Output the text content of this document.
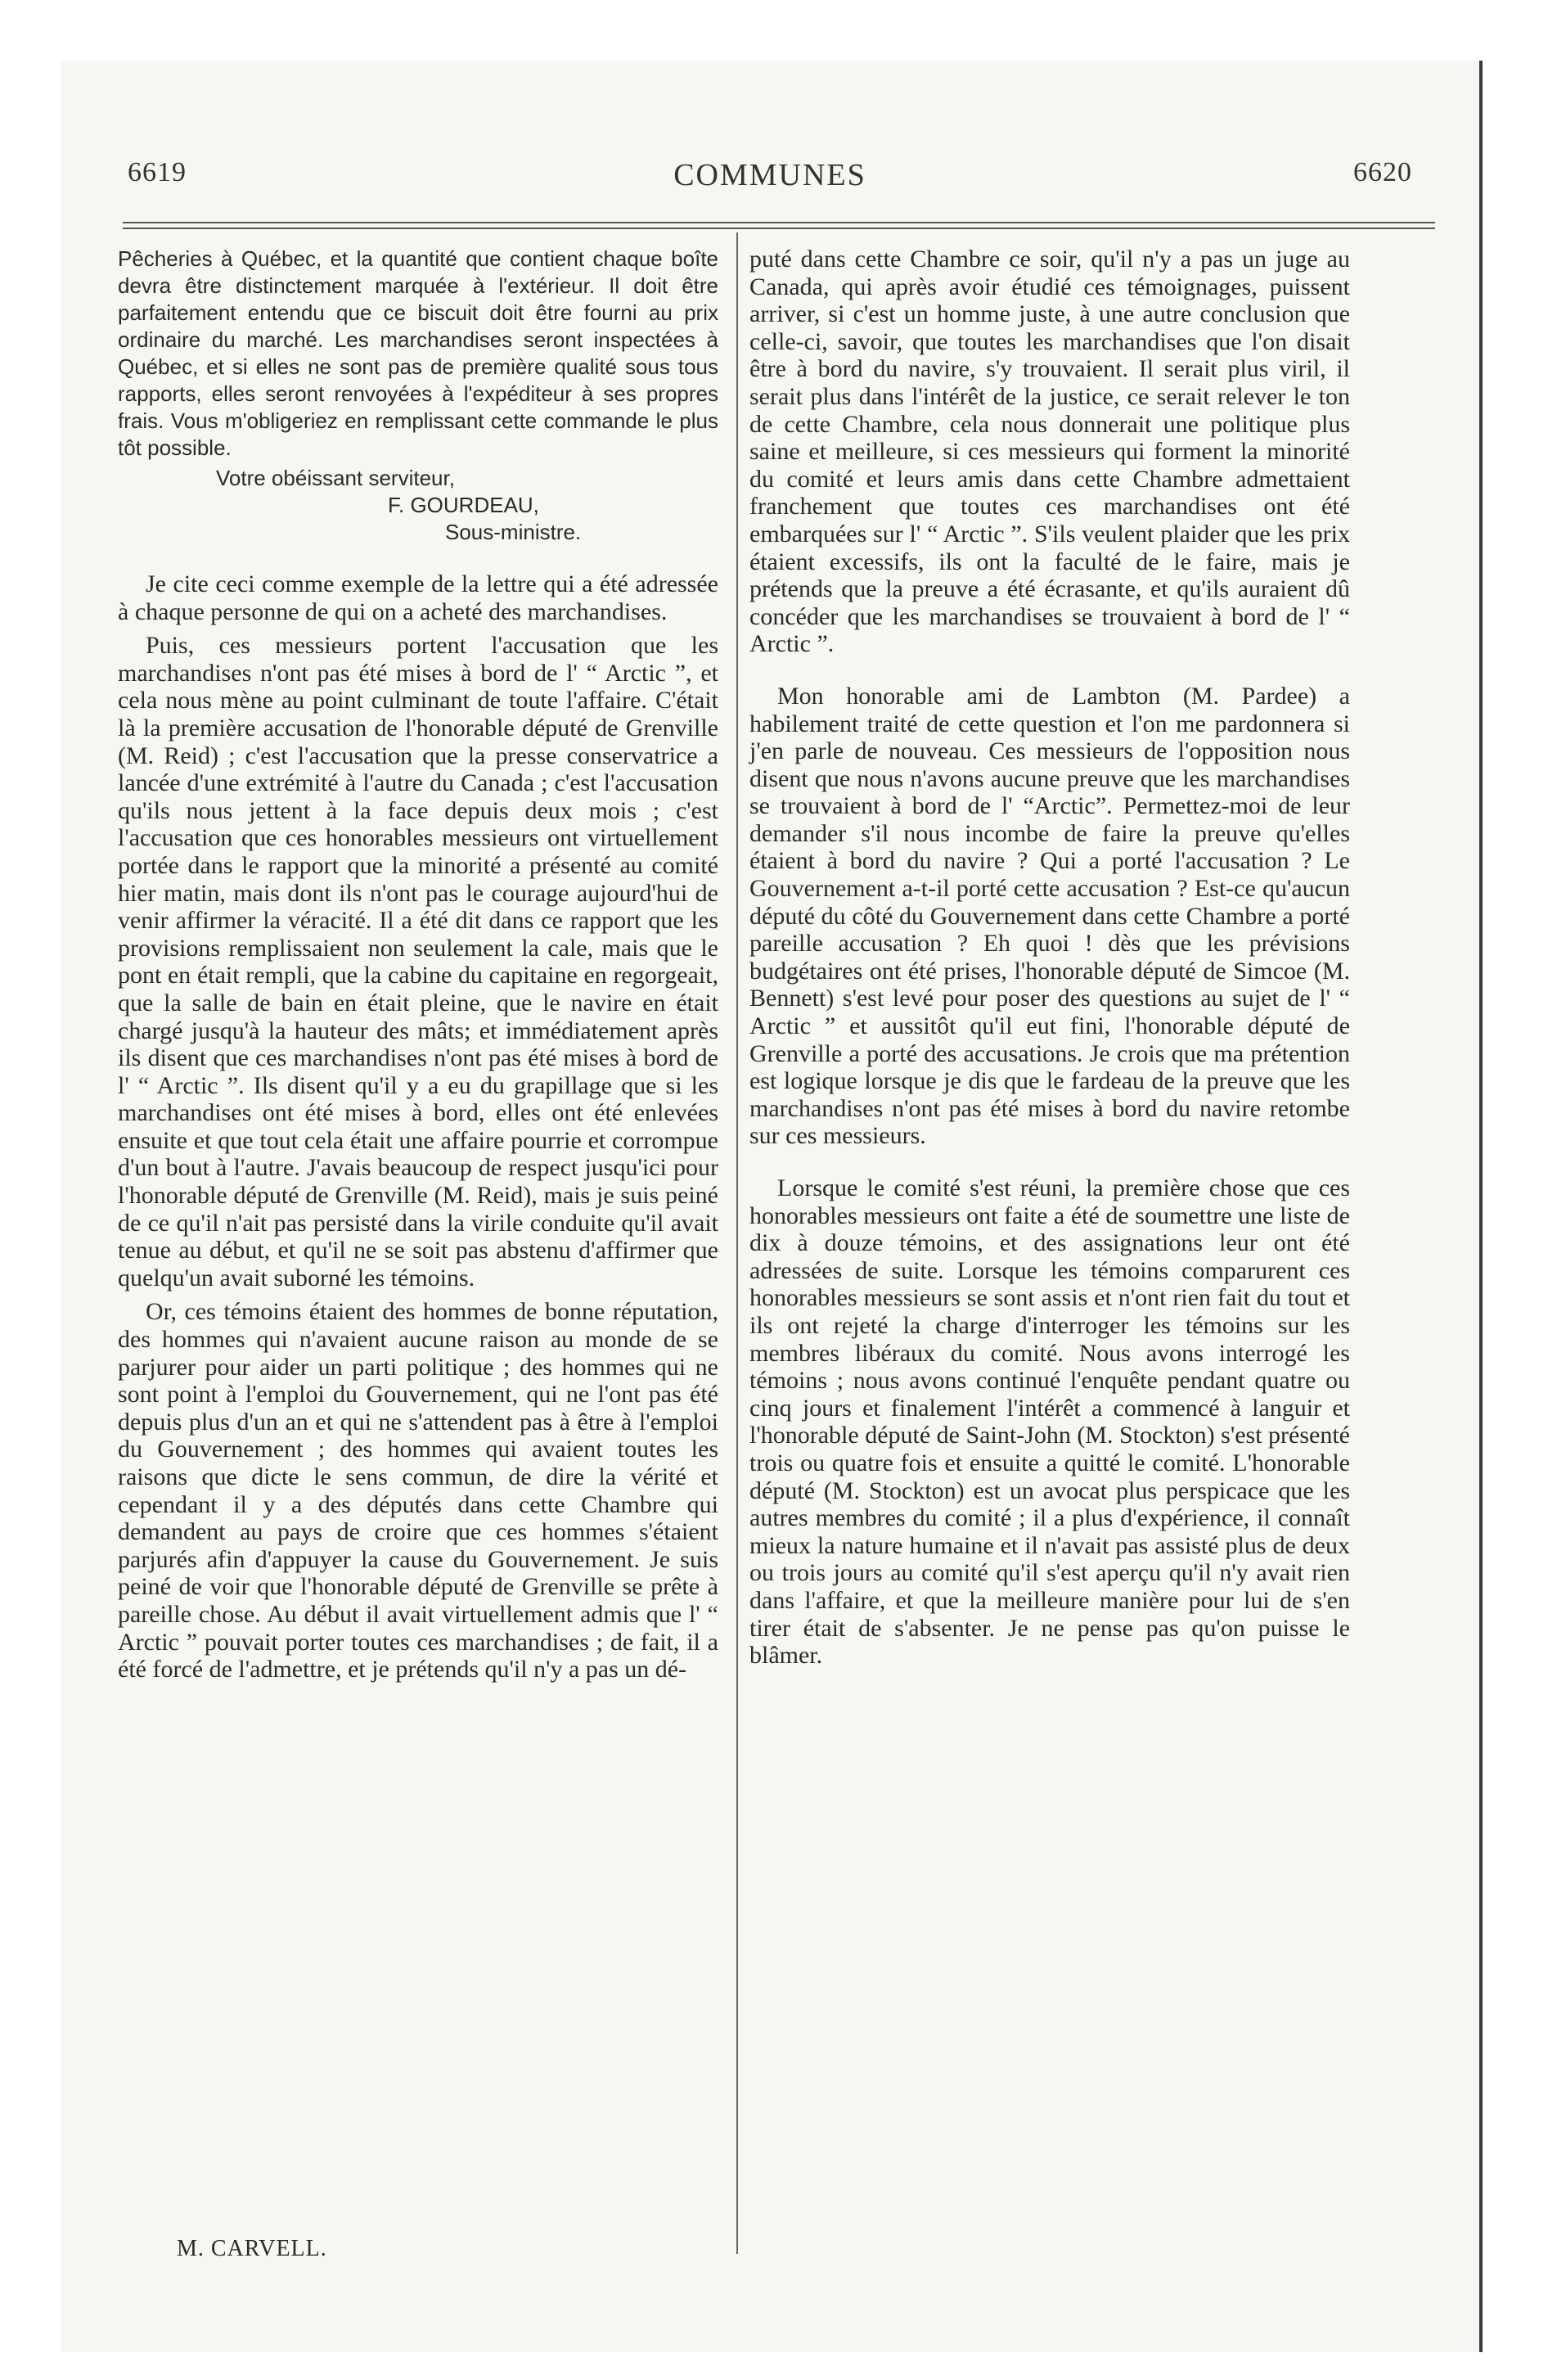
COMMUNES
6619	6620

Pêcheries à Québec, et la quantité que contient chaque boîte devra être distinctement marquée à l'extérieur. Il doit être parfaitement entendu que ce biscuit doit être fourni au prix ordinaire du marché. Les marchandises seront inspectées à Québec, et si elles ne sont pas de première qualité sous tous rapports, elles seront renvoyées à l'expéditeur à ses propres frais. Vous m'obligeriez en remplissant cette commande le plus tôt possible.

Votre obéissant serviteur,

F. GOURDEAU,

Sous-ministre.

Je cite ceci comme exemple de la lettre qui a été adressée à chaque personne de qui on a acheté des marchandises.

Puis, ces messieurs portent l'accusation que les marchandises n'ont pas été mises à bord de l' “ Arctic ”, et cela nous mène au point culminant de toute l'affaire. C'était là la première accusation de l'honorable député de Grenville (M. Reid) ; c'est l'accusation que la presse conservatrice a lancée d'une extrémité à l'autre du Canada ; c'est l'accusation qu'ils nous jettent à la face depuis deux mois ; c'est l'accusation que ces honorables messieurs ont virtuellement portée dans le rapport que la minorité a présenté au comité hier matin, mais dont ils n'ont pas le courage aujourd'hui de venir affirmer la véracité. Il a été dit dans ce rapport que les provisions remplissaient non seulement la cale, mais que le pont en était rempli, que la cabine du capitaine en regorgeait, que la salle de bain en était pleine, que le navire en était chargé jusqu'à la hauteur des mâts; et immédiatement après ils disent que ces marchandises n'ont pas été mises à bord de l' “ Arctic ”. Ils disent qu'il y a eu du grapillage que si les marchandises ont été mises à bord, elles ont été enlevées ensuite et que tout cela était une affaire pourrie et corrompue d'un bout à l'autre. J'avais beaucoup de respect jusqu'ici pour l'honorable député de Grenville (M. Reid), mais je suis peiné de ce qu'il n'ait pas persisté dans la virile conduite qu'il avait tenue au début, et qu'il ne se soit pas abstenu d'affirmer que quelqu'un avait suborné les témoins.

Or, ces témoins étaient des hommes de bonne réputation, des hommes qui n'avaient aucune raison au monde de se parjurer pour aider un parti politique ; des hommes qui ne sont point à l'emploi du Gouvernement, qui ne l'ont pas été depuis plus d'un an et qui ne s'attendent pas à être à l'emploi du Gouvernement ; des hommes qui avaient toutes les raisons que dicte le sens commun, de dire la vérité et cependant il y a des députés dans cette Chambre qui demandent au pays de croire que ces hommes s'étaient parjurés afin d'appuyer la cause du Gouvernement. Je suis peiné de voir que l'honorable député de Grenville se prête à pareille chose. Au début il avait virtuellement admis que l' “ Arctic ” pouvait porter toutes ces marchandises ; de fait, il a été forcé de l'admettre, et je prétends qu'il n'y a pas un dé-

puté dans cette Chambre ce soir, qu'il n'y a pas un juge au Canada, qui après avoir étudié ces témoignages, puissent arriver, si c'est un homme juste, à une autre conclusion que celle-ci, savoir, que toutes les marchandises que l'on disait être à bord du navire, s'y trouvaient. Il serait plus viril, il serait plus dans l'intérêt de la justice, ce serait relever le ton de cette Chambre, cela nous donnerait une politique plus saine et meilleure, si ces messieurs qui forment la minorité du comité et leurs amis dans cette Chambre admettaient franchement que toutes ces marchandises ont été embarquées sur l' “ Arctic ”. S'ils veulent plaider que les prix étaient excessifs, ils ont la faculté de le faire, mais je prétends que la preuve a été écrasante, et qu'ils auraient dû concéder que les marchandises se trouvaient à bord de l' “ Arctic ”.

Mon honorable ami de Lambton (M. Pardee) a habilement traité de cette question et l'on me pardonnera si j'en parle de nouveau. Ces messieurs de l'opposition nous disent que nous n'avons aucune preuve que les marchandises se trouvaient à bord de l' “Arctic”. Permettez-moi de leur demander s'il nous incombe de faire la preuve qu'elles étaient à bord du navire ? Qui a porté l'accusation ? Le Gouvernement a-t-il porté cette accusation ? Est-ce qu'aucun député du côté du Gouvernement dans cette Chambre a porté pareille accusation ? Eh quoi ! dès que les prévisions budgétaires ont été prises, l'honorable député de Simcoe (M. Bennett) s'est levé pour poser des questions au sujet de l' “ Arctic ” et aussitôt qu'il eut fini, l'honorable député de Grenville a porté des accusations. Je crois que ma prétention est logique lorsque je dis que le fardeau de la preuve que les marchandises n'ont pas été mises à bord du navire retombe sur ces messieurs.

Lorsque le comité s'est réuni, la première chose que ces honorables messieurs ont faite a été de soumettre une liste de dix à douze témoins, et des assignations leur ont été adressées de suite. Lorsque les témoins comparurent ces honorables messieurs se sont assis et n'ont rien fait du tout et ils ont rejeté la charge d'interroger les témoins sur les membres libéraux du comité. Nous avons interrogé les témoins ; nous avons continué l'enquête pendant quatre ou cinq jours et finalement l'intérêt a commencé à languir et l'honorable député de Saint-John (M. Stockton) s'est présenté trois ou quatre fois et ensuite a quitté le comité. L'honorable député (M. Stockton) est un avocat plus perspicace que les autres membres du comité ; il a plus d'expérience, il connaît mieux la nature humaine et il n'avait pas assisté plus de deux ou trois jours au comité qu'il s'est aperçu qu'il n'y avait rien dans l'affaire, et que la meilleure manière pour lui de s'en tirer était de s'absenter. Je ne pense pas qu'on puisse le blâmer.

M. CARVELL.
